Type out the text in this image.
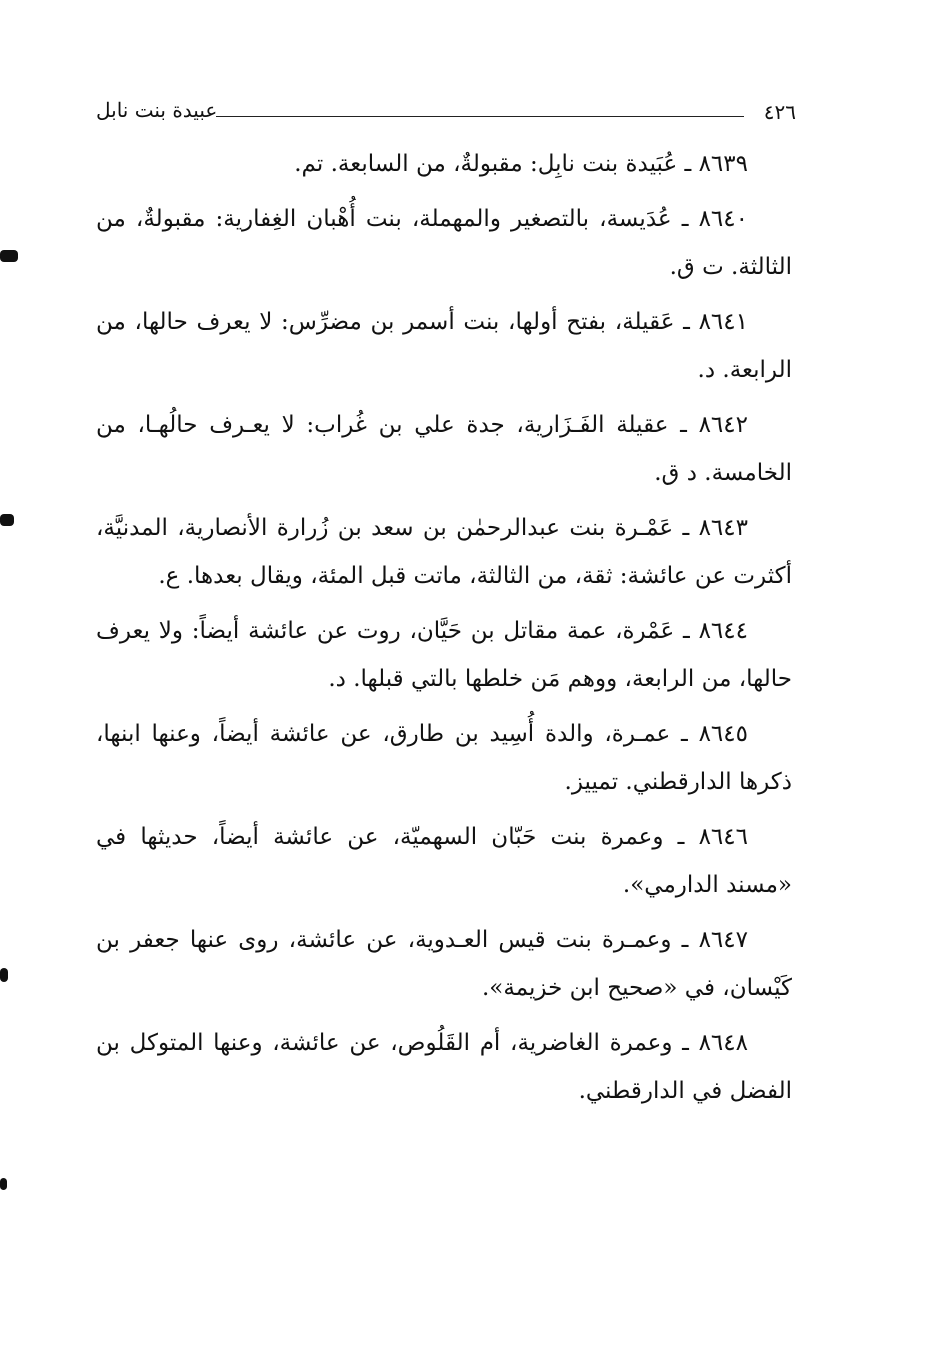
٤٢٦
عبيدة بنت نابل

٨٦٣٩ ـ عُبَيدة بنت نابِل: مقبولةٌ، من السابعة. تم.

٨٦٤٠ ـ عُدَيسة، بالتصغير والمهملة، بنت أُهْبان الغِفارية: مقبولةٌ، من الثالثة. ت ق.

٨٦٤١ ـ عَقيلة، بفتح أولها، بنت أسمر بن مضرِّس: لا يعرف حالها، من الرابعة. د.

٨٦٤٢ ـ عقيلة الفَـزَارية، جدة علي بن غُراب: لا يعـرف حالُهـا، من الخامسة. د ق.

٨٦٤٣ ـ عَمْـرة بنت عبدالرحمٰن بن سعد بن زُرارة الأنصارية، المدنيَّة، أكثرت عن عائشة: ثقة، من الثالثة، ماتت قبل المئة، ويقال بعدها. ع.

٨٦٤٤ ـ عَمْرة، عمة مقاتل بن حَيَّان، روت عن عائشة أيضاً: ولا يعرف حالها، من الرابعة، ووهم مَن خلطها بالتي قبلها. د.

٨٦٤٥ ـ عمـرة، والدة أُسِيد بن طارق، عن عائشة أيضاً، وعنها ابنها، ذكرها الدارقطني. تمييز.

٨٦٤٦ ـ وعمرة بنت حَبّان السهميّة، عن عائشة أيضاً، حديثها في «مسند الدارمي».

٨٦٤٧ ـ وعمـرة بنت قيس العـدوية، عن عائشة، روى عنها جعفر بن كَيْسان، في «صحيح ابن خزيمة».

٨٦٤٨ ـ وعمرة الغاضرية، أم القَلُوص، عن عائشة، وعنها المتوكل بن الفضل في الدارقطني.
